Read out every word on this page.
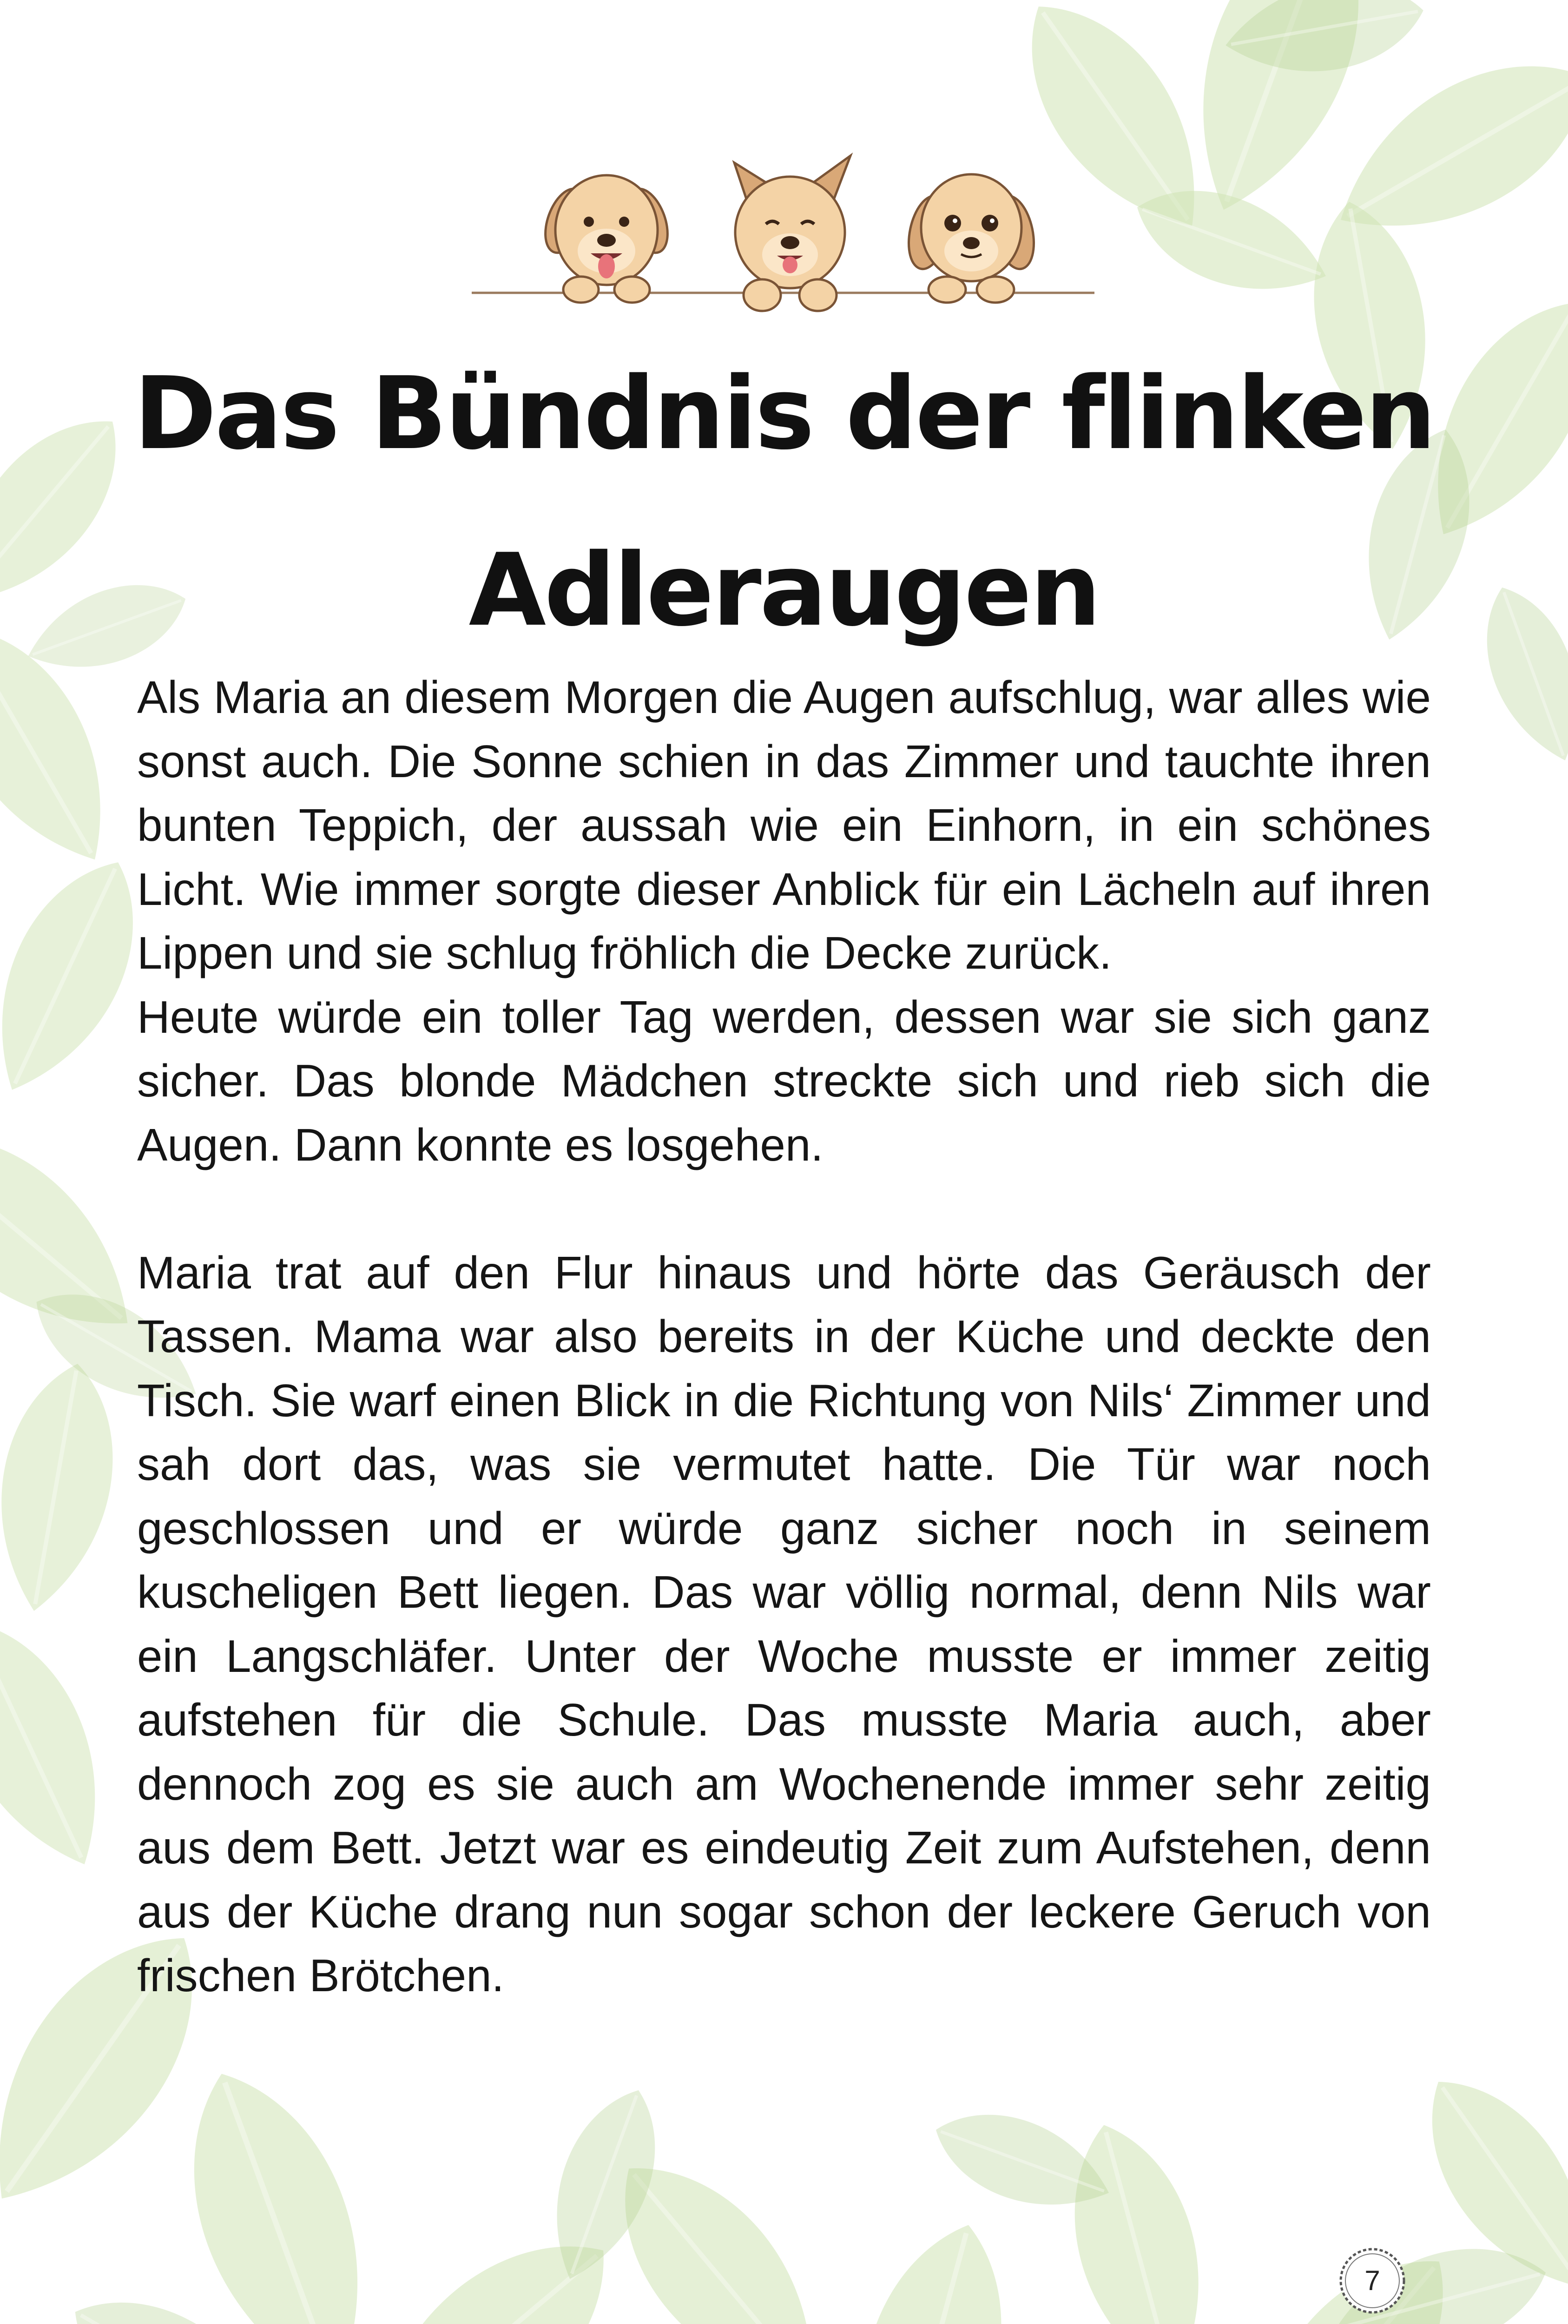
Das Bündnis der flinken
Adleraugen

Als Maria an diesem Morgen die Augen aufschlug, war alles wie sonst auch. Die Sonne schien in das Zimmer und tauchte ihren bunten Teppich, der aussah wie ein Einhorn, in ein schönes Licht. Wie immer sorgte dieser Anblick für ein Lächeln auf ihren Lippen und sie schlug fröhlich die Decke zurück.

Heute würde ein toller Tag werden, dessen war sie sich ganz sicher. Das blonde Mädchen streckte sich und rieb sich die Augen. Dann konnte es losgehen.

Maria trat auf den Flur hinaus und hörte das Geräusch der Tassen. Mama war also bereits in der Küche und deckte den Tisch. Sie warf einen Blick in die Richtung von Nils‘ Zimmer und sah dort das, was sie vermutet hatte. Die Tür war noch geschlossen und er würde ganz sicher noch in seinem kuscheligen Bett liegen. Das war völlig normal, denn Nils war ein Langschläfer. Unter der Woche musste er immer zeitig aufstehen für die Schule. Das musste Maria auch, aber dennoch zog es sie auch am Wochenende immer sehr zeitig aus dem Bett. Jetzt war es eindeutig Zeit zum Aufstehen, denn aus der Küche drang nun sogar schon der leckere Geruch von frischen Brötchen.

7
